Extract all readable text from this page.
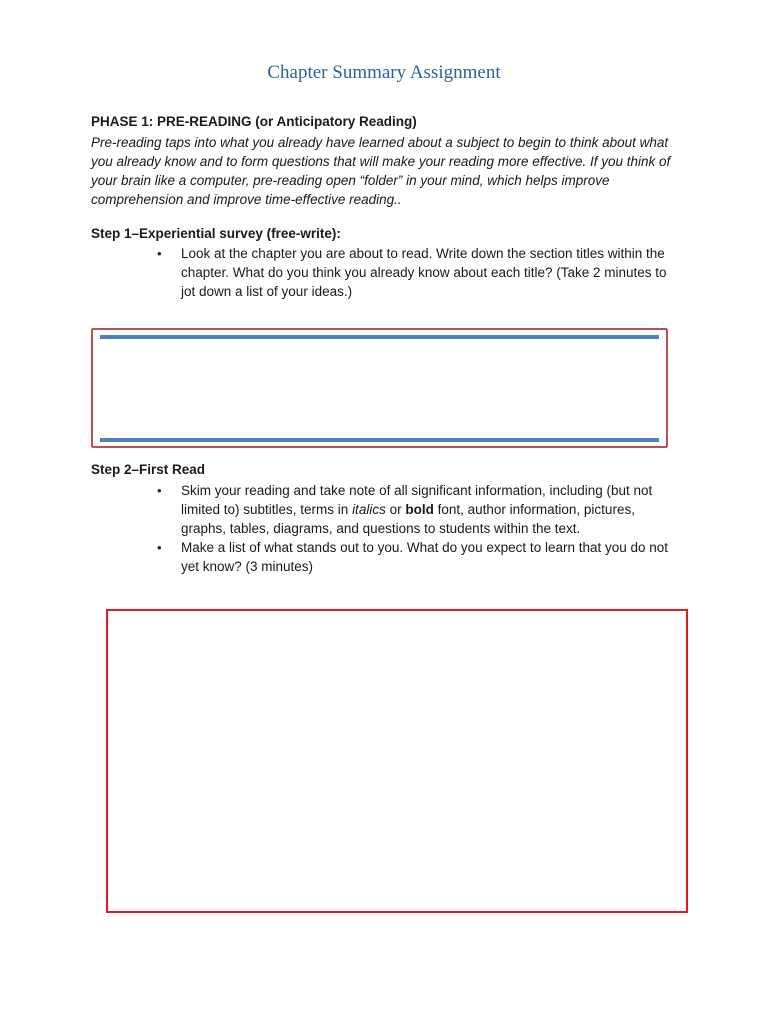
Chapter Summary Assignment
PHASE 1: PRE-READING (or Anticipatory Reading)
Pre-reading taps into what you already have learned about a subject to begin to think about what you already know and to form questions that will make your reading more effective. If you think of your brain like a computer, pre-reading open “folder” in your mind, which helps improve comprehension and improve time-effective reading..
Step 1–Experiential survey (free-write):
• Look at the chapter you are about to read. Write down the section titles within the chapter. What do you think you already know about each title? (Take 2 minutes to jot down a list of your ideas.)
Step 2–First Read
• Skim your reading and take note of all significant information, including (but not limited to) subtitles, terms in italics or bold font, author information, pictures, graphs, tables, diagrams, and questions to students within the text.
• Make a list of what stands out to you. What do you expect to learn that you do not yet know? (3 minutes)
